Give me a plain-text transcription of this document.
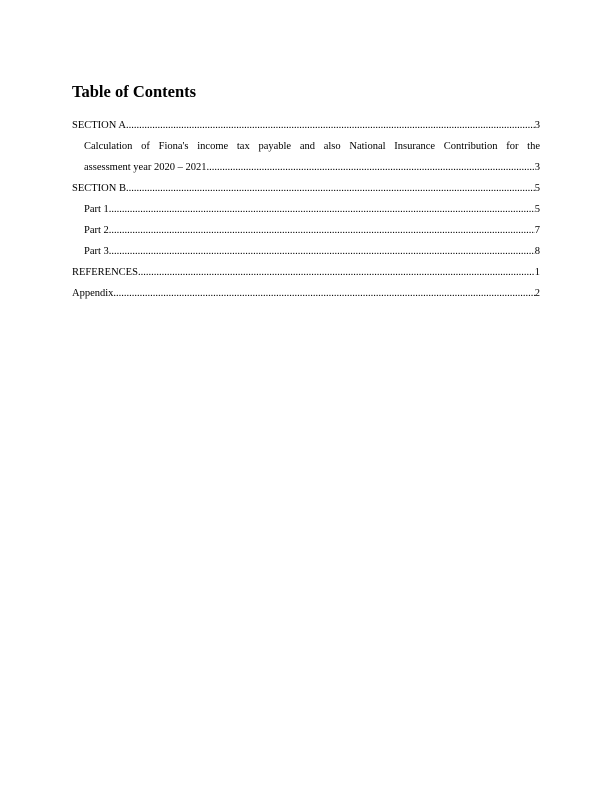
Table of Contents
SECTION A .....	3
Calculation of Fiona's income tax payable and also National Insurance Contribution for the
assessment year 2020 – 2021 .....	3
SECTION B .....	5
Part 1 .....	5
Part 2 .....	7
Part 3 .....	8
REFERENCES .....	1
Appendix .....	2
